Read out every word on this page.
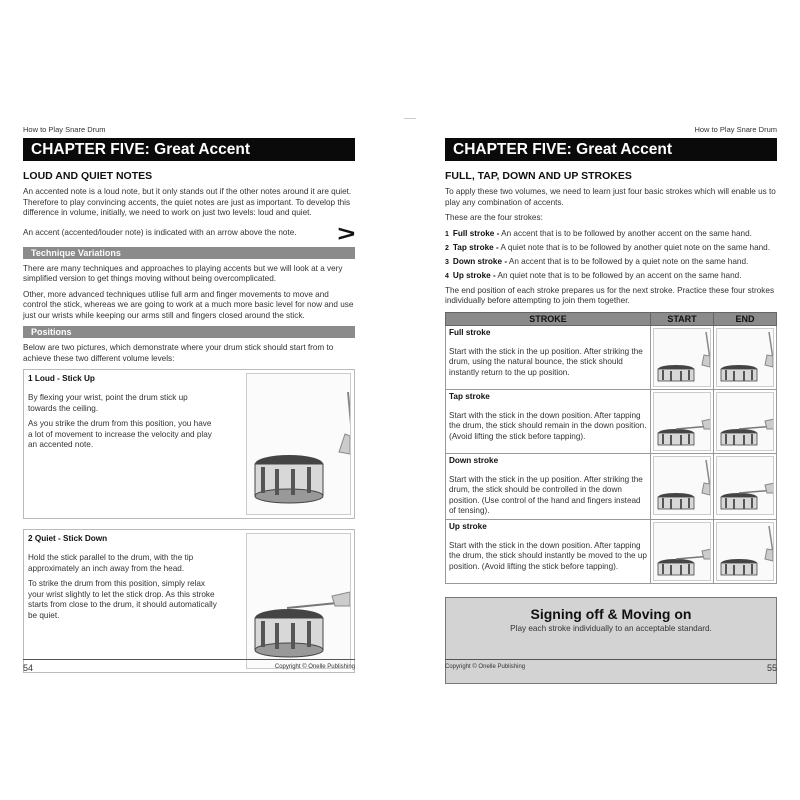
How to Play Snare Drum
CHAPTER FIVE: Great Accent
LOUD AND QUIET NOTES

An accented note is a loud note, but it only stands out if the other notes around it are quiet. Therefore to play convincing accents, the quiet notes are just as important. To develop this difference in volume, initially, we need to work on just two levels: loud and quiet.

An accent (accented/louder note) is indicated with an arrow above the note. >
Technique Variations

There are many techniques and approaches to playing accents but we will look at a very simplified version to get things moving without being overcomplicated.

Other, more advanced techniques utilise full arm and finger movements to move and control the stick, whereas we are going to work at a much more basic level for now and use just our wrists while keeping our arms still and fingers closed around the stick.

Positions

Below are two pictures, which demonstrate where your drum stick should start from to achieve these two different volume levels:

1 Loud - Stick Up

By flexing your wrist, point the drum stick up towards the ceiling.

As you strike the drum from this position, you have a lot of movement to increase the velocity and play an accented note.

2 Quiet - Stick Down

Hold the stick parallel to the drum, with the tip approximately an inch away from the head.

To strike the drum from this position, simply relax your wrist slightly to let the stick drop. As this stroke starts from close to the drum, it should automatically be quiet.

54	Copyright © Onelle Publishing
How to Play Snare Drum
CHAPTER FIVE: Great Accent
FULL, TAP, DOWN AND UP STROKES

To apply these two volumes, we need to learn just four basic strokes which will enable us to play any combination of accents.

These are the four strokes:

1 Full stroke - An accent that is to be followed by another accent on the same hand.
2 Tap stroke - A quiet note that is to be followed by another quiet note on the same hand.
3 Down stroke - An accent that is to be followed by a quiet note on the same hand.
4 Up stroke - An quiet note that is to be followed by an accent on the same hand.

The end position of each stroke prepares us for the next stroke. Practice these four strokes individually before attempting to join them together.

STROKE	START	END

Full stroke

Start with the stick in the up position. After striking the drum, using the natural bounce, the stick should instantly return to the up position.

Tap stroke

Start with the stick in the down position. After tapping the drum, the stick should remain in the down position. (Avoid lifting the stick before tapping).

Down stroke

Start with the stick in the up position. After striking the drum, the stick should be controlled in the down position. (Use control of the hand and fingers instead of tensing).

Up stroke

Start with the stick in the down position. After tapping the drum, the stick should instantly be moved to the up position. (Avoid lifting the stick before tapping).

Signing off & Moving on
Play each stroke individually to an acceptable standard.
Copyright © Onelle Publishing	55
